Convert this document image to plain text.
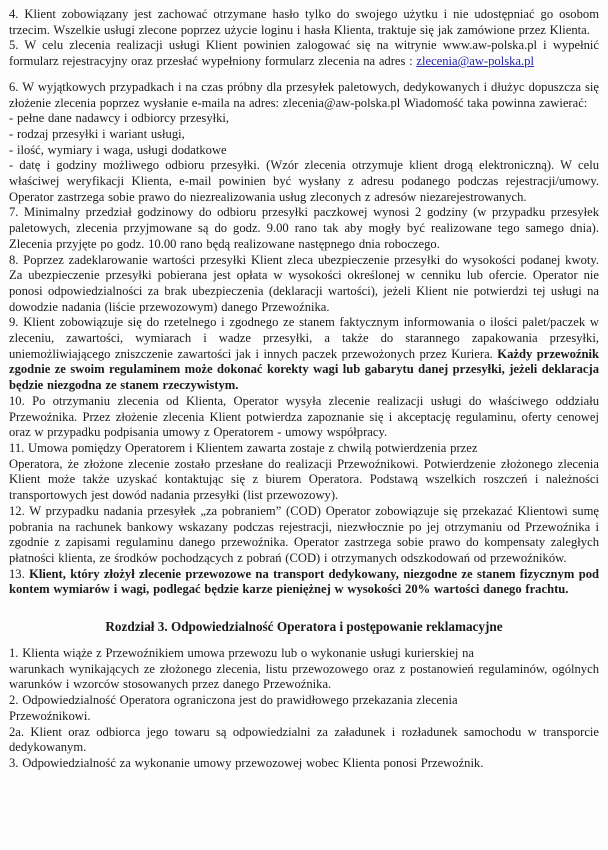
4. Klient zobowiązany jest zachować otrzymane hasło tylko do swojego użytku i nie udostępniać go osobom trzecim. Wszelkie usługi zlecone poprzez użycie loginu i hasła Klienta, traktuje się jak zamówione przez Klienta.

5. W celu zlecenia realizacji usługi Klient powinien zalogować się na witrynie www.aw-polska.pl i wypełnić formularz rejestracyjny oraz przesłać wypełniony formularz zlecenia na adres : zlecenia@aw-polska.pl

6. W wyjątkowych przypadkach i na czas próbny dla przesyłek paletowych, dedykowanych i dłużyc dopuszcza się złożenie zlecenia poprzez wysłanie e-maila na adres: zlecenia@aw-polska.pl Wiadomość taka powinna zawierać:

- pełne dane nadawcy i odbiorcy przesyłki,

- rodzaj przesyłki i wariant usługi,

- ilość, wymiary i waga, usługi dodatkowe

- datę i godziny możliwego odbioru przesyłki. (Wzór zlecenia otrzymuje klient drogą elektroniczną). W celu właściwej weryfikacji Klienta, e-mail powinien być wysłany z adresu podanego podczas rejestracji/umowy. Operator zastrzega sobie prawo do niezrealizowania usług zleconych z adresów niezarejestrowanych.

7. Minimalny przedział godzinowy do odbioru przesyłki paczkowej wynosi 2 godziny (w przypadku przesyłek paletowych, zlecenia przyjmowane są do godz. 9.00 rano tak aby mogły być realizowane tego samego dnia). Zlecenia przyjęte po godz. 10.00 rano będą realizowane następnego dnia roboczego.

8. Poprzez zadeklarowanie wartości przesyłki Klient zleca ubezpieczenie przesyłki do wysokości podanej kwoty. Za ubezpieczenie przesyłki pobierana jest opłata w wysokości określonej w cenniku lub ofercie. Operator nie ponosi odpowiedzialności za brak ubezpieczenia (deklaracji wartości), jeżeli Klient nie potwierdzi tej usługi na dowodzie nadania (liście przewozowym) danego Przewoźnika.

9. Klient zobowiązuje się do rzetelnego i zgodnego ze stanem faktycznym informowania o ilości palet/paczek w zleceniu, zawartości, wymiarach i wadze przesyłki, a także do starannego zapakowania przesyłki, uniemożliwiającego zniszczenie zawartości jak i innych paczek przewożonych przez Kuriera. Każdy przewoźnik zgodnie ze swoim regulaminem może dokonać korekty wagi lub gabarytu danej przesyłki, jeżeli deklaracja będzie niezgodna ze stanem rzeczywistym.

10. Po otrzymaniu zlecenia od Klienta, Operator wysyła zlecenie realizacji usługi do właściwego oddziału Przewoźnika. Przez złożenie zlecenia Klient potwierdza zapoznanie się i akceptację regulaminu, oferty cenowej oraz w przypadku podpisania umowy z Operatorem - umowy współpracy.

11. Umowa pomiędzy Operatorem i Klientem zawarta zostaje z chwilą potwierdzenia przez

Operatora, że złożone zlecenie zostało przesłane do realizacji Przewoźnikowi. Potwierdzenie złożonego zlecenia Klient może także uzyskać kontaktując się z biurem Operatora. Podstawą wszelkich roszczeń i należności transportowych jest dowód nadania przesyłki (list przewozowy).

12. W przypadku nadania przesyłek „za pobraniem” (COD) Operator zobowiązuje się przekazać Klientowi sumę pobrania na rachunek bankowy wskazany podczas rejestracji, niezwłocznie po jej otrzymaniu od Przewoźnika i zgodnie z zapisami regulaminu danego przewoźnika. Operator zastrzega sobie prawo do kompensaty zaległych płatności klienta, ze środków pochodzących z pobrań (COD) i otrzymanych odszkodowań od przewoźników.

13. Klient, który złożył zlecenie przewozowe na transport dedykowany, niezgodne ze stanem fizycznym pod kontem wymiarów i wagi, podlegać będzie karze pieniężnej w wysokości 20% wartości danego frachtu.

Rozdział 3. Odpowiedzialność Operatora i postępowanie reklamacyjne

1. Klienta wiąże z Przewoźnikiem umowa przewozu lub o wykonanie usługi kurierskiej na

warunkach wynikających ze złożonego zlecenia, listu przewozowego oraz z postanowień regulaminów, ogólnych warunków i wzorców stosowanych przez danego Przewoźnika.

2. Odpowiedzialność Operatora ograniczona jest do prawidłowego przekazania zlecenia

Przewoźnikowi.

2a. Klient oraz odbiorca jego towaru są odpowiedzialni za załadunek i rozładunek samochodu w transporcie dedykowanym.

3. Odpowiedzialność za wykonanie umowy przewozowej wobec Klienta ponosi Przewoźnik.
